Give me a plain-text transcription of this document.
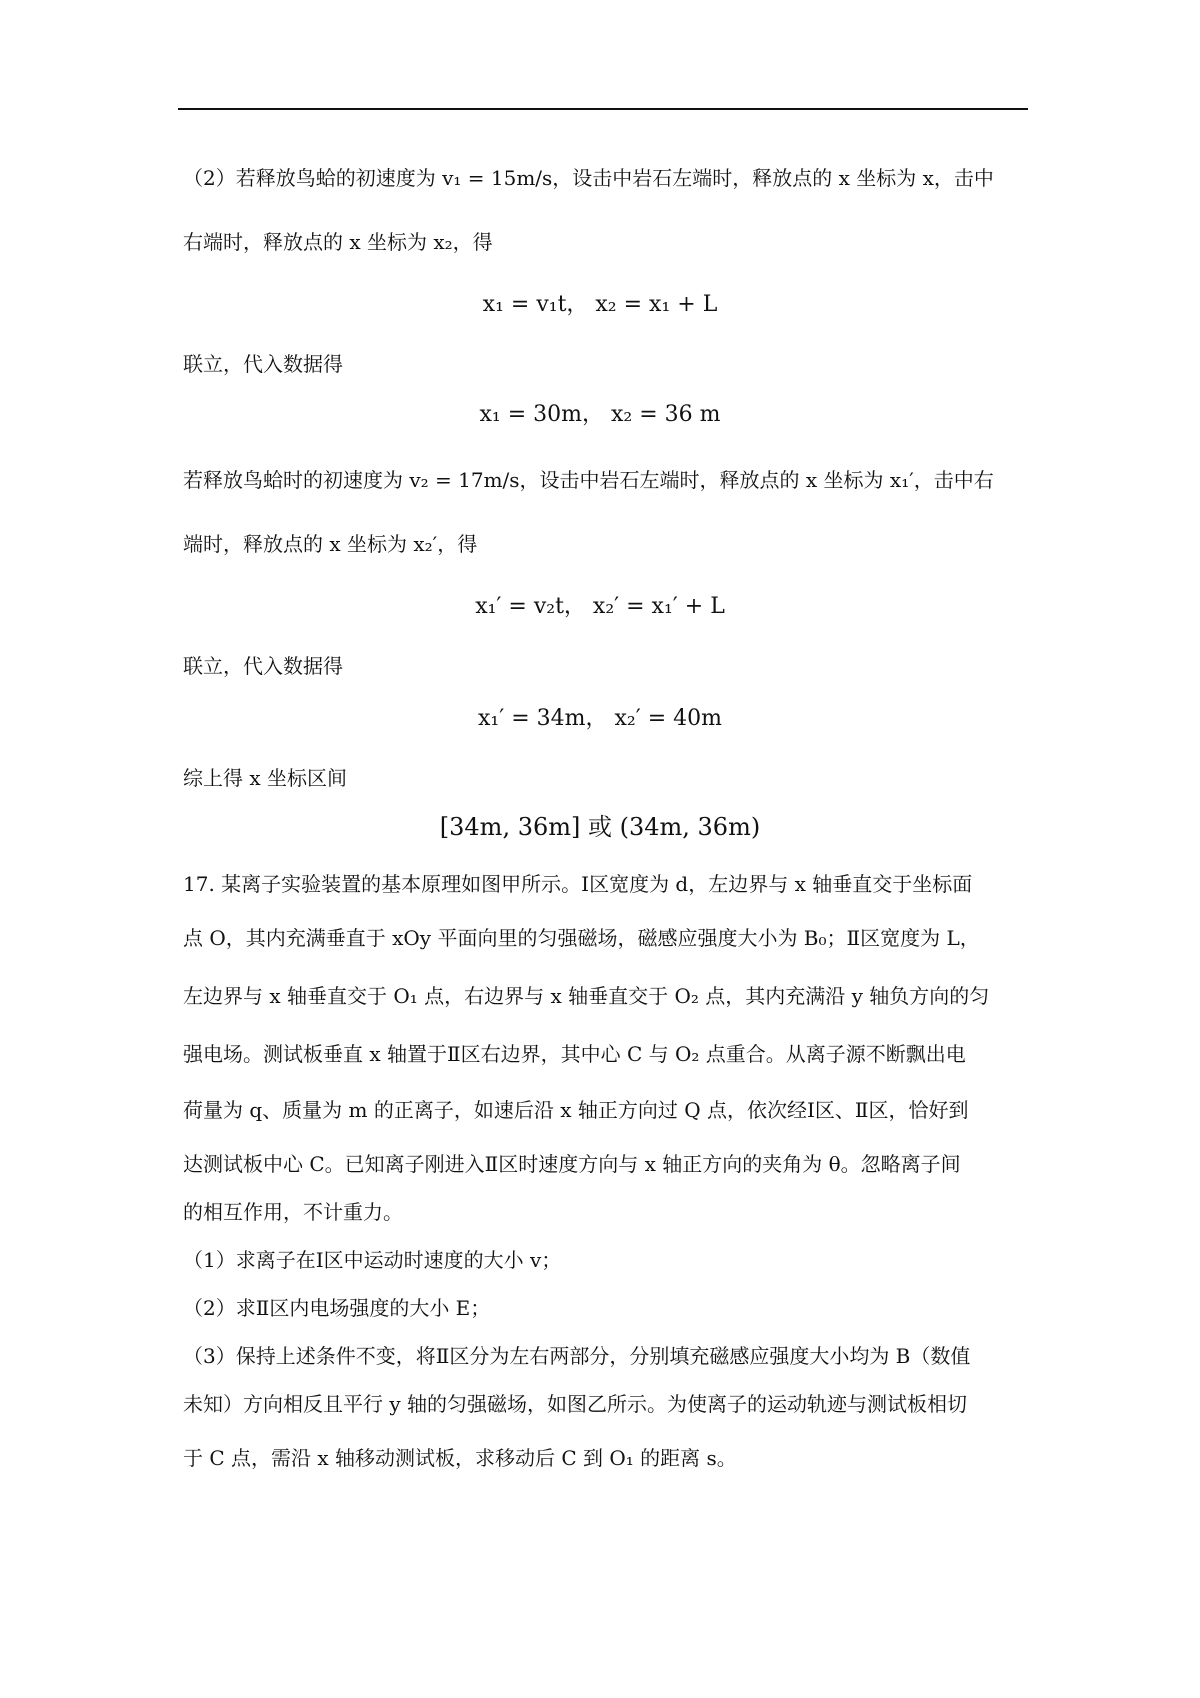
（2）若释放鸟蛤的初速度为 v₁ = 15m/s，设击中岩石左端时，释放点的 x 坐标为 x，击中
右端时，释放点的 x 坐标为 x₂，得
x₁ = v₁t， x₂ = x₁ + L
联立，代入数据得
x₁ = 30m， x₂ = 36 m
若释放鸟蛤时的初速度为 v₂ = 17m/s，设击中岩石左端时，释放点的 x 坐标为 x₁′，击中右
端时，释放点的 x 坐标为 x₂′，得
x₁′ = v₂t， x₂′ = x₁′ + L
联立，代入数据得
x₁′ = 34m， x₂′ = 40m
综上得 x 坐标区间
[34m, 36m] 或 (34m, 36m)
17. 某离子实验装置的基本原理如图甲所示。Ⅰ区宽度为 d，左边界与 x 轴垂直交于坐标面
点 O，其内充满垂直于 xOy 平面向里的匀强磁场，磁感应强度大小为 B₀；Ⅱ区宽度为 L，
左边界与 x 轴垂直交于 O₁ 点，右边界与 x 轴垂直交于 O₂ 点，其内充满沿 y 轴负方向的匀
强电场。测试板垂直 x 轴置于Ⅱ区右边界，其中心 C 与 O₂ 点重合。从离子源不断飘出电
荷量为 q、质量为 m 的正离子，如速后沿 x 轴正方向过 Q 点，依次经Ⅰ区、Ⅱ区，恰好到
达测试板中心 C。已知离子刚进入Ⅱ区时速度方向与 x 轴正方向的夹角为 θ。忽略离子间
的相互作用，不计重力。
（1）求离子在Ⅰ区中运动时速度的大小 v；
（2）求Ⅱ区内电场强度的大小 E；
（3）保持上述条件不变，将Ⅱ区分为左右两部分，分别填充磁感应强度大小均为 B（数值
未知）方向相反且平行 y 轴的匀强磁场，如图乙所示。为使离子的运动轨迹与测试板相切
于 C 点，需沿 x 轴移动测试板，求移动后 C 到 O₁ 的距离 s。
